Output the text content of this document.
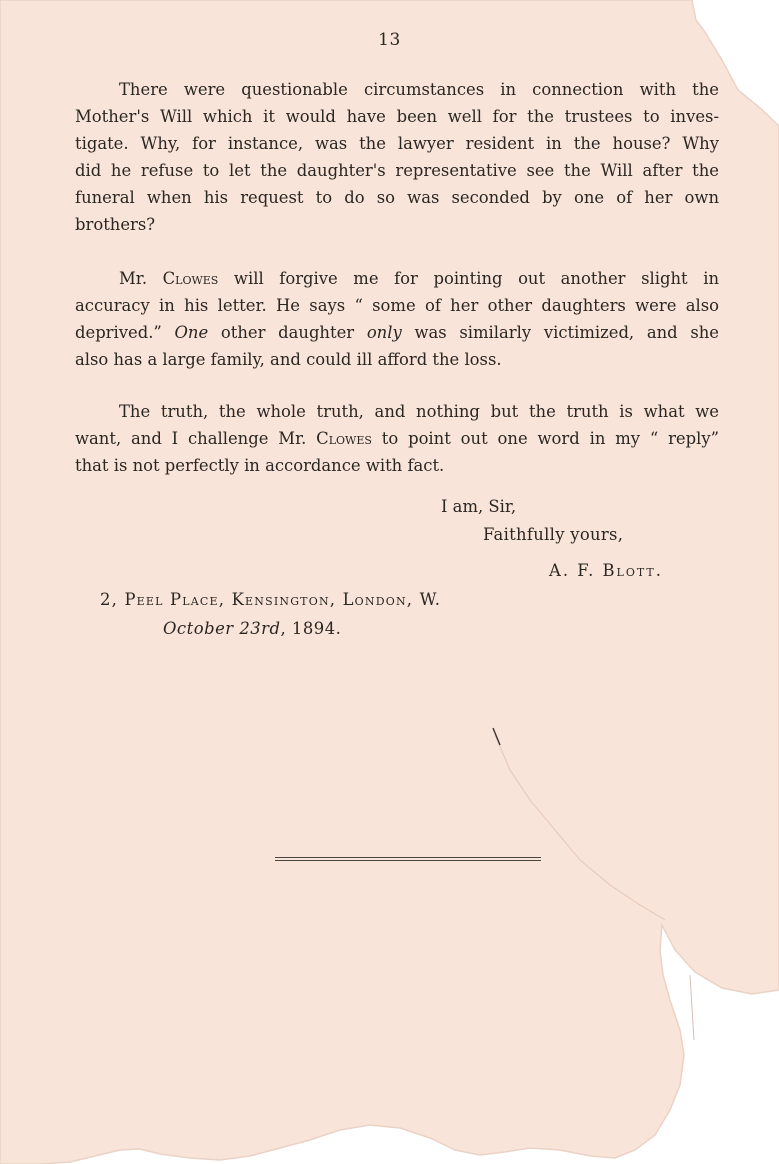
13

There were questionable circumstances in connection with the
Mother's Will which it would have been well for the trustees to inves-
tigate. Why, for instance, was the lawyer resident in the house? Why
did he refuse to let the daughter's representative see the Will after the
funeral when his request to do so was seconded by one of her own
brothers?

Mr. Clowes will forgive me for pointing out another slight in
accuracy in his letter. He says “ some of her other daughters were also
deprived.” One other daughter only was similarly victimized, and she
also has a large family, and could ill afford the loss.

The truth, the whole truth, and nothing but the truth is what we
want, and I challenge Mr. Clowes to point out one word in my “ reply”
that is not perfectly in accordance with fact.

I am, Sir,
Faithfully yours,
A. F. Blott.
2, Peel Place, Kensington, London, W.
October 23rd, 1894.
